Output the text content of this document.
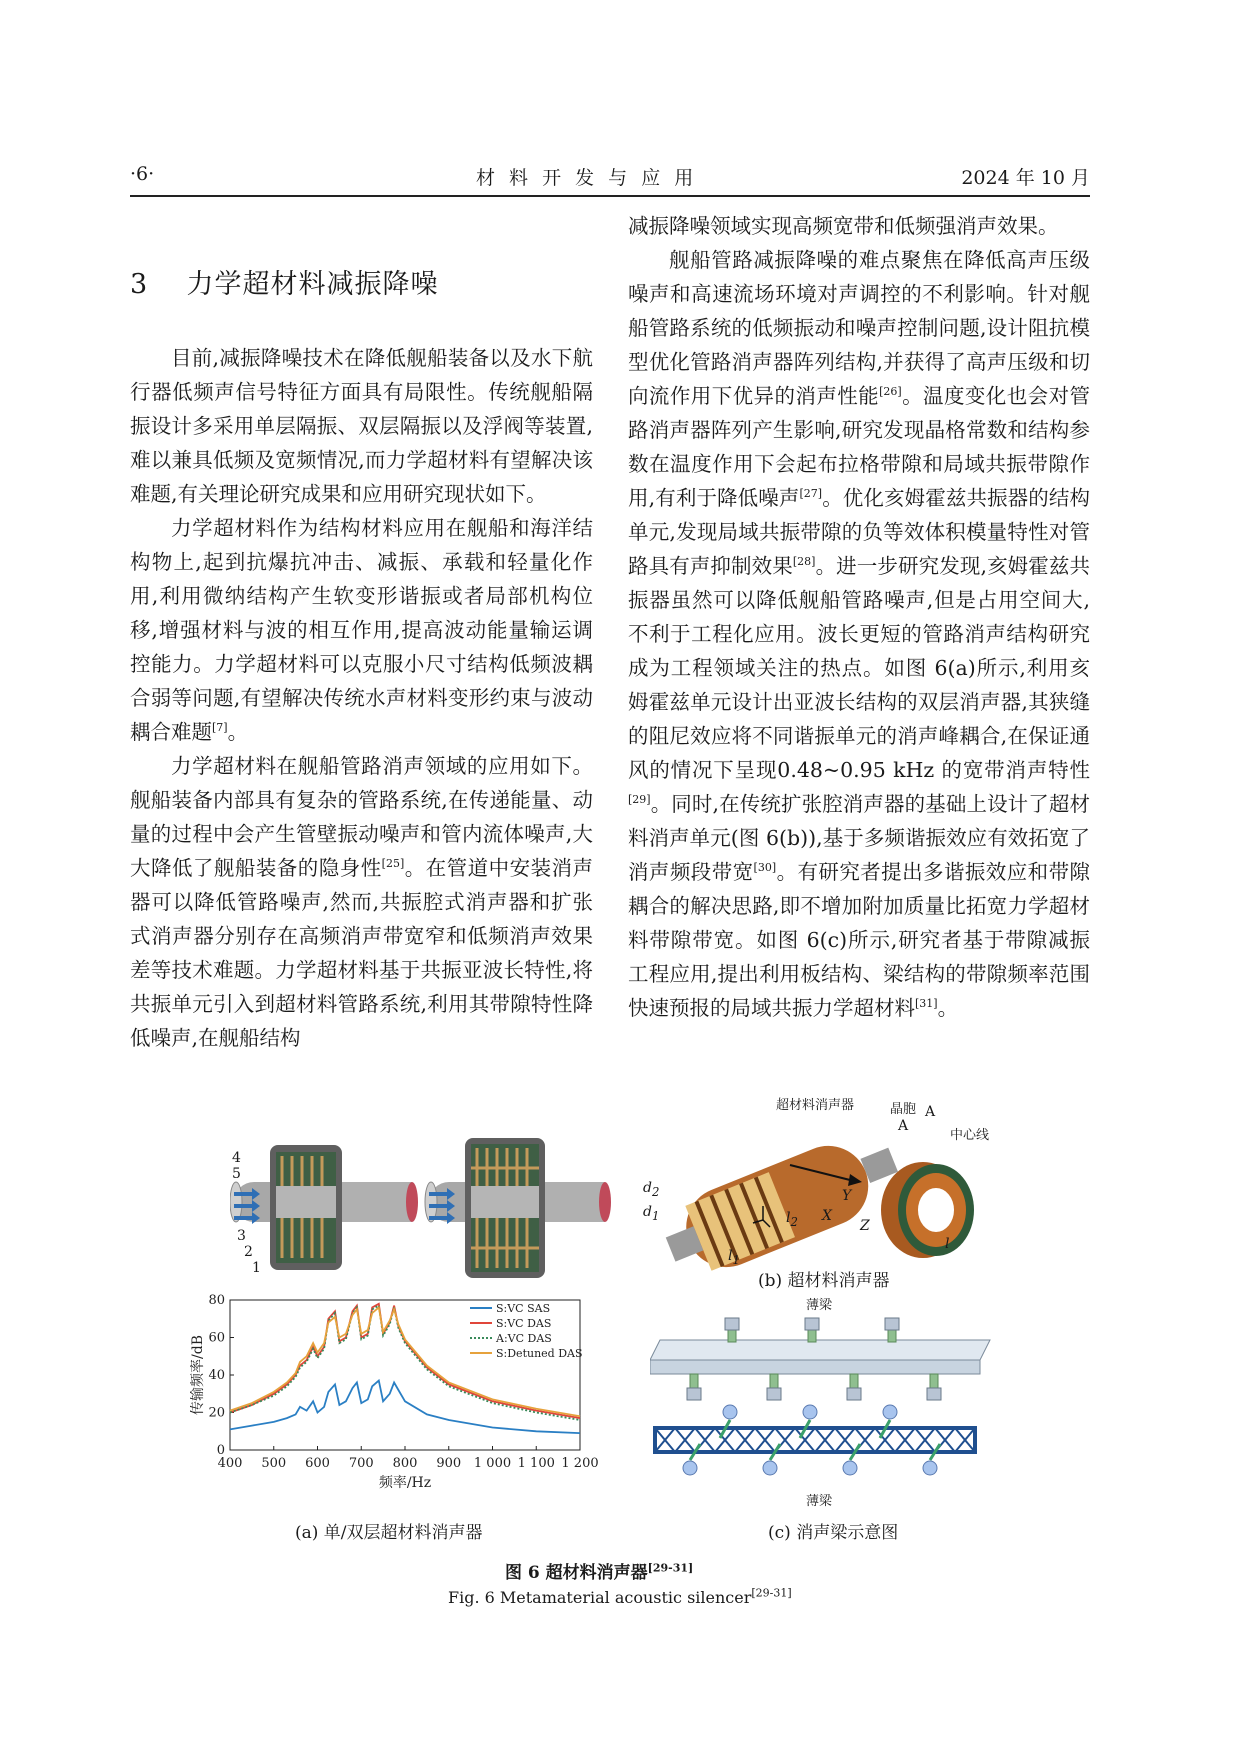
·6·	材 料 开 发 与 应 用	2024 年 10 月
3 力学超材料减振降噪

目前,减振降噪技术在降低舰船装备以及水下航行器低频声信号特征方面具有局限性。传统舰船隔振设计多采用单层隔振、双层隔振以及浮阀等装置,难以兼具低频及宽频情况,而力学超材料有望解决该难题,有关理论研究成果和应用研究现状如下。

力学超材料作为结构材料应用在舰船和海洋结构物上,起到抗爆抗冲击、减振、承载和轻量化作用,利用微纳结构产生软变形谐振或者局部机构位移,增强材料与波的相互作用,提高波动能量输运调控能力。力学超材料可以克服小尺寸结构低频波耦合弱等问题,有望解决传统水声材料变形约束与波动耦合难题[7]。

力学超材料在舰船管路消声领域的应用如下。舰船装备内部具有复杂的管路系统,在传递能量、动量的过程中会产生管壁振动噪声和管内流体噪声,大大降低了舰船装备的隐身性[25]。在管道中安装消声器可以降低管路噪声,然而,共振腔式消声器和扩张式消声器分别存在高频消声带宽窄和低频消声效果差等技术难题。力学超材料基于共振亚波长特性,将共振单元引入到超材料管路系统,利用其带隙特性降低噪声,在舰船结构

减振降噪领域实现高频宽带和低频强消声效果。

舰船管路减振降噪的难点聚焦在降低高声压级噪声和高速流场环境对声调控的不利影响。针对舰船管路系统的低频振动和噪声控制问题,设计阻抗模型优化管路消声器阵列结构,并获得了高声压级和切向流作用下优异的消声性能[26]。温度变化也会对管路消声器阵列产生影响,研究发现晶格常数和结构参数在温度作用下会起布拉格带隙和局域共振带隙作用,有利于降低噪声[27]。优化亥姆霍兹共振器的结构单元,发现局域共振带隙的负等效体积模量特性对管路具有声抑制效果[28]。进一步研究发现,亥姆霍兹共振器虽然可以降低舰船管路噪声,但是占用空间大,不利于工程化应用。波长更短的管路消声结构研究成为工程领域关注的热点。如图 6(a)所示,利用亥姆霍兹单元设计出亚波长结构的双层消声器,其狭缝的阻尼效应将不同谐振单元的消声峰耦合,在保证通风的情况下呈现0.48~0.95 kHz 的宽带消声特性[29]。同时,在传统扩张腔消声器的基础上设计了超材料消声单元(图 6(b)),基于多频谐振效应有效拓宽了消声频段带宽[30]。有研究者提出多谐振效应和带隙耦合的解决思路,即不增加附加质量比拓宽力学超材料带隙带宽。如图 6(c)所示,研究者基于带隙减振工程应用,提出利用板结构、梁结构的带隙频率范围快速预报的局域共振力学超材料[31]。

4
5
3
2
1
超材料消声器	晶胞 A
A
中心线
$d_2$
$d_1$
$l_1$
$l_2$
Y
X
Z
l
(b) 超材料消声器
薄梁
薄梁
(c) 消声梁示意图
400 500 600 700 800 900 1 000 1 100 1 200
0
20
40
60
80
频率/Hz
传输频率/dB
S:VC SAS
S:VC DAS
A:VC DAS
S:Detuned DAS
(a) 单/双层超材料消声器
图 6 超材料消声器[29-31]
Fig. 6 Metamaterial acoustic silencer[29-31]
